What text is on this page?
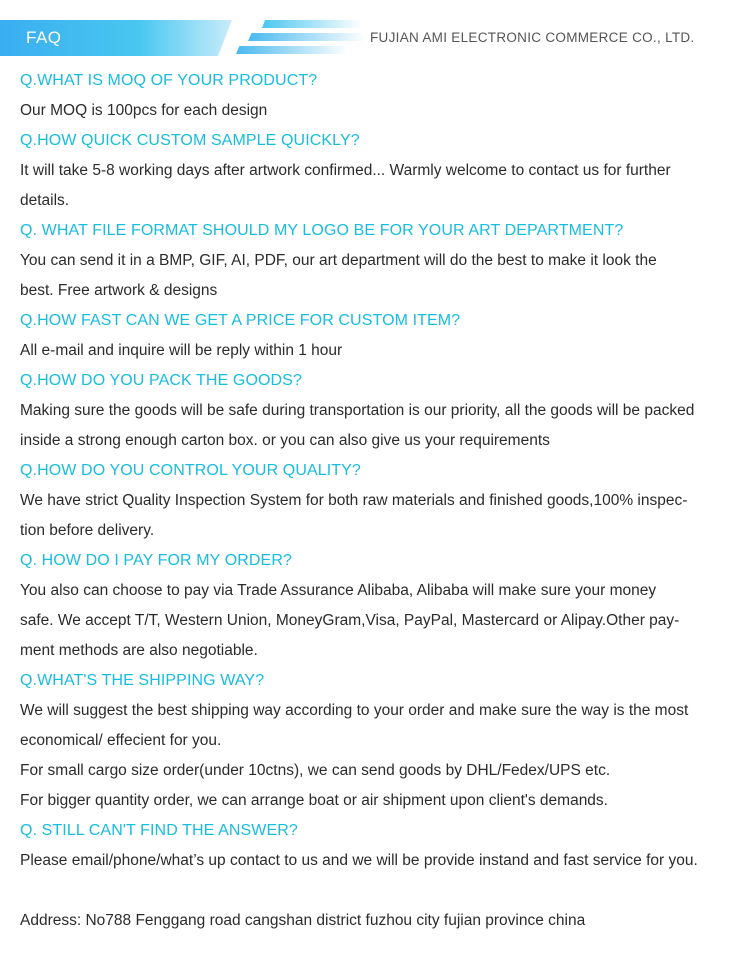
FAQ	FUJIAN AMI ELECTRONIC COMMERCE CO., LTD.
Q.WHAT IS MOQ OF YOUR PRODUCT?
Our MOQ is 100pcs for each design
Q.HOW QUICK CUSTOM SAMPLE QUICKLY?
It will take 5-8 working days after artwork confirmed... Warmly welcome to contact us for further
details.
Q. WHAT FILE FORMAT SHOULD MY LOGO BE FOR YOUR ART DEPARTMENT?
You can send it in a BMP, GIF, AI, PDF, our art department will do the best to make it look the
best. Free artwork & designs
Q.HOW FAST CAN WE GET A PRICE FOR CUSTOM ITEM?
All e-mail and inquire will be reply within 1 hour
Q.HOW DO YOU PACK THE GOODS?
Making sure the goods will be safe during transportation is our priority, all the goods will be packed
inside a strong enough carton box. or you can also give us your requirements
Q.HOW DO YOU CONTROL YOUR QUALITY?
We have strict Quality Inspection System for both raw materials and finished goods,100% inspec-
tion before delivery.
Q. HOW DO I PAY FOR MY ORDER?
You also can choose to pay via Trade Assurance Alibaba, Alibaba will make sure your money
safe. We accept T/T, Western Union, MoneyGram,Visa, PayPal, Mastercard or Alipay.Other pay-
ment methods are also negotiable.
Q.WHAT'S THE SHIPPING WAY?
We will suggest the best shipping way according to your order and make sure the way is the most
economical/ effecient for you.
For small cargo size order(under 10ctns), we can send goods by DHL/Fedex/UPS etc.
For bigger quantity order, we can arrange boat or air shipment upon client's demands.
Q. STILL CAN'T FIND THE ANSWER?
Please email/phone/what’s up contact to us and we will be provide instand and fast service for you.
Address: No788 Fenggang road cangshan district fuzhou city fujian province china
